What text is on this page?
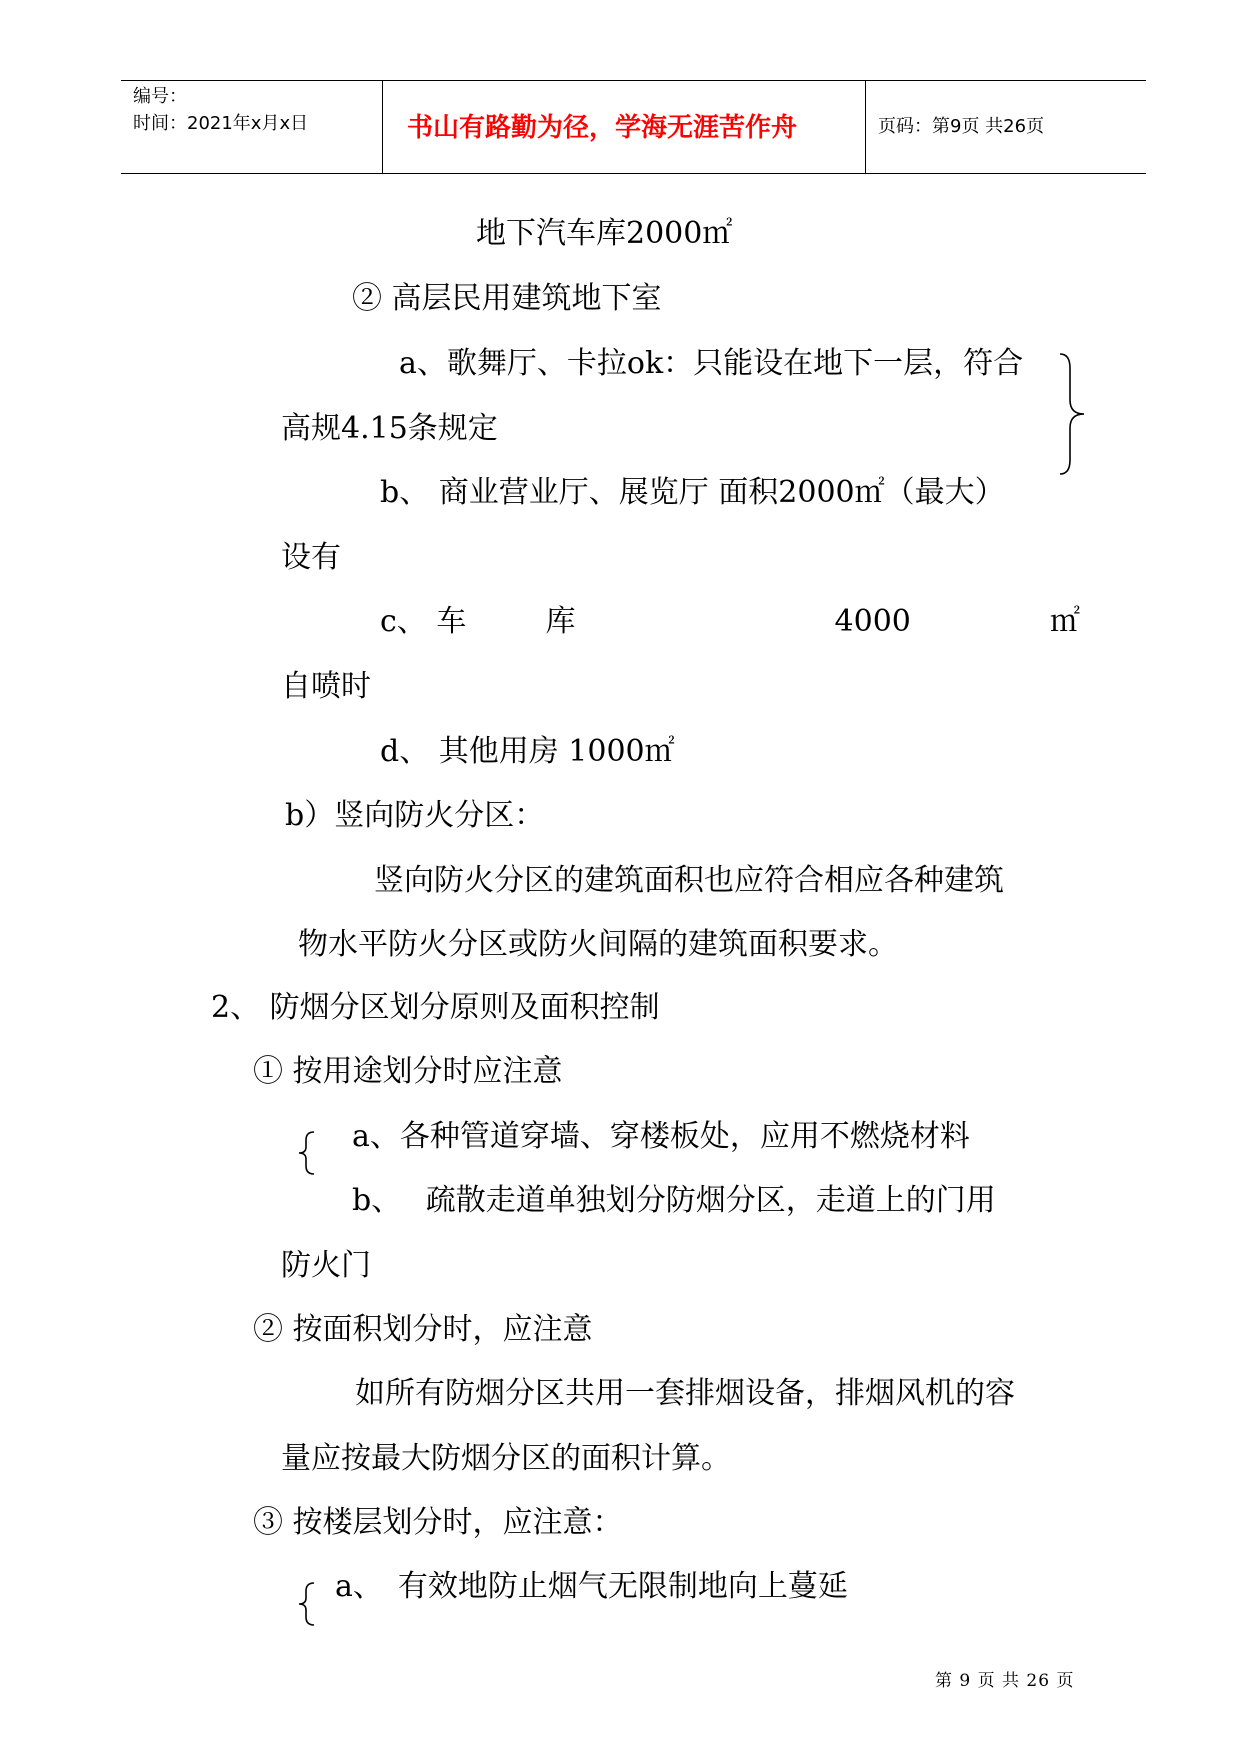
编号：
时间：2021年x月x日	书山有路勤为径，学海无涯苦作舟	页码：第9页 共26页
地下汽车库2000㎡
② 高层民用建筑地下室
a、歌舞厅、卡拉ok：只能设在地下一层，符合
高规4.15条规定
b、 商业营业厅、展览厅 面积2000㎡（最大）
设有
c、 车	库	4000	㎡
自喷时
d、 其他用房 1000㎡
b）竖向防火分区：
竖向防火分区的建筑面积也应符合相应各种建筑
物水平防火分区或防火间隔的建筑面积要求。
2、 防烟分区划分原则及面积控制
① 按用途划分时应注意
a、各种管道穿墙、穿楼板处，应用不燃烧材料
b、　 疏散走道单独划分防烟分区，走道上的门用
防火门
② 按面积划分时，应注意
如所有防烟分区共用一套排烟设备，排烟风机的容
量应按最大防烟分区的面积计算。
③ 按楼层划分时，应注意：
a、　有效地防止烟气无限制地向上蔓延
第 9 页 共 26 页
